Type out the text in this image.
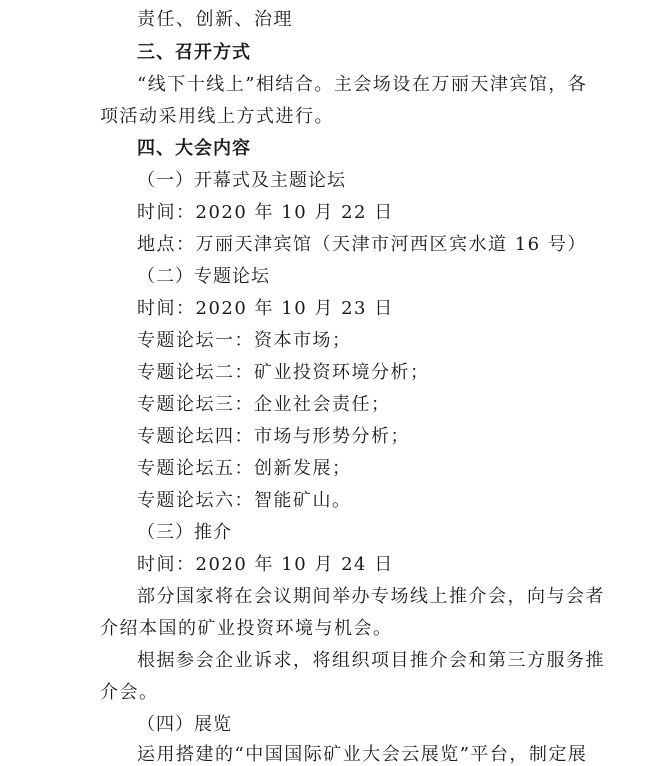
责任、创新、治理
三、召开方式
“线下十线上”相结合。主会场设在万丽天津宾馆，各
项活动采用线上方式进行。
四、大会内容
（一）开幕式及主题论坛
时间：2020 年 10 月 22 日
地点：万丽天津宾馆（天津市河西区宾水道 16 号）
（二）专题论坛
时间：2020 年 10 月 23 日
专题论坛一：资本市场；
专题论坛二：矿业投资环境分析；
专题论坛三：企业社会责任；
专题论坛四：市场与形势分析；
专题论坛五：创新发展；
专题论坛六：智能矿山。
（三）推介
时间：2020 年 10 月 24 日
部分国家将在会议期间举办专场线上推介会，向与会者
介绍本国的矿业投资环境与机会。
根据参会企业诉求，将组织项目推介会和第三方服务推
介会。
（四）展览
运用搭建的“中国国际矿业大会云展览”平台，制定展
